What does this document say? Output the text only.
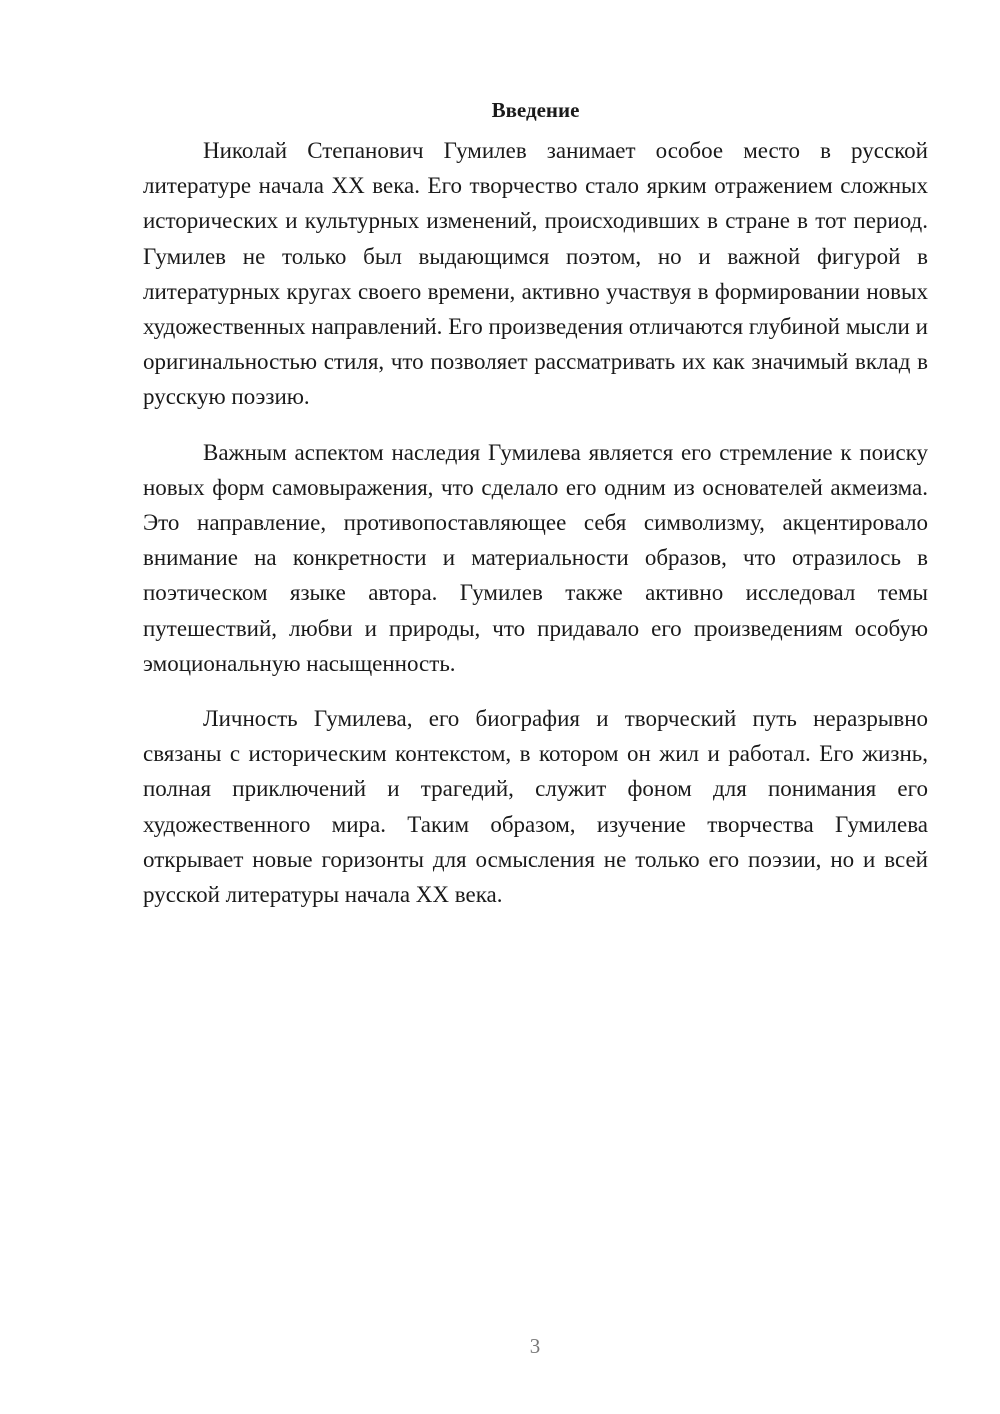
Введение

Николай Степанович Гумилев занимает особое место в русской литературе начала XX века. Его творчество стало ярким отражением сложных исторических и культурных изменений, происходивших в стране в тот период. Гумилев не только был выдающимся поэтом, но и важной фигурой в литературных кругах своего времени, активно участвуя в формировании новых художественных направлений. Его произведения отличаются глубиной мысли и оригинальностью стиля, что позволяет рассматривать их как значимый вклад в русскую поэзию.

Важным аспектом наследия Гумилева является его стремление к поиску новых форм самовыражения, что сделало его одним из основателей акмеизма. Это направление, противопоставляющее себя символизму, акцентировало внимание на конкретности и материальности образов, что отразилось в поэтическом языке автора. Гумилев также активно исследовал темы путешествий, любви и природы, что придавало его произведениям особую эмоциональную насыщенность.

Личность Гумилева, его биография и творческий путь неразрывно связаны с историческим контекстом, в котором он жил и работал. Его жизнь, полная приключений и трагедий, служит фоном для понимания его художественного мира. Таким образом, изучение творчества Гумилева открывает новые горизонты для осмысления не только его поэзии, но и всей русской литературы начала XX века.

3
